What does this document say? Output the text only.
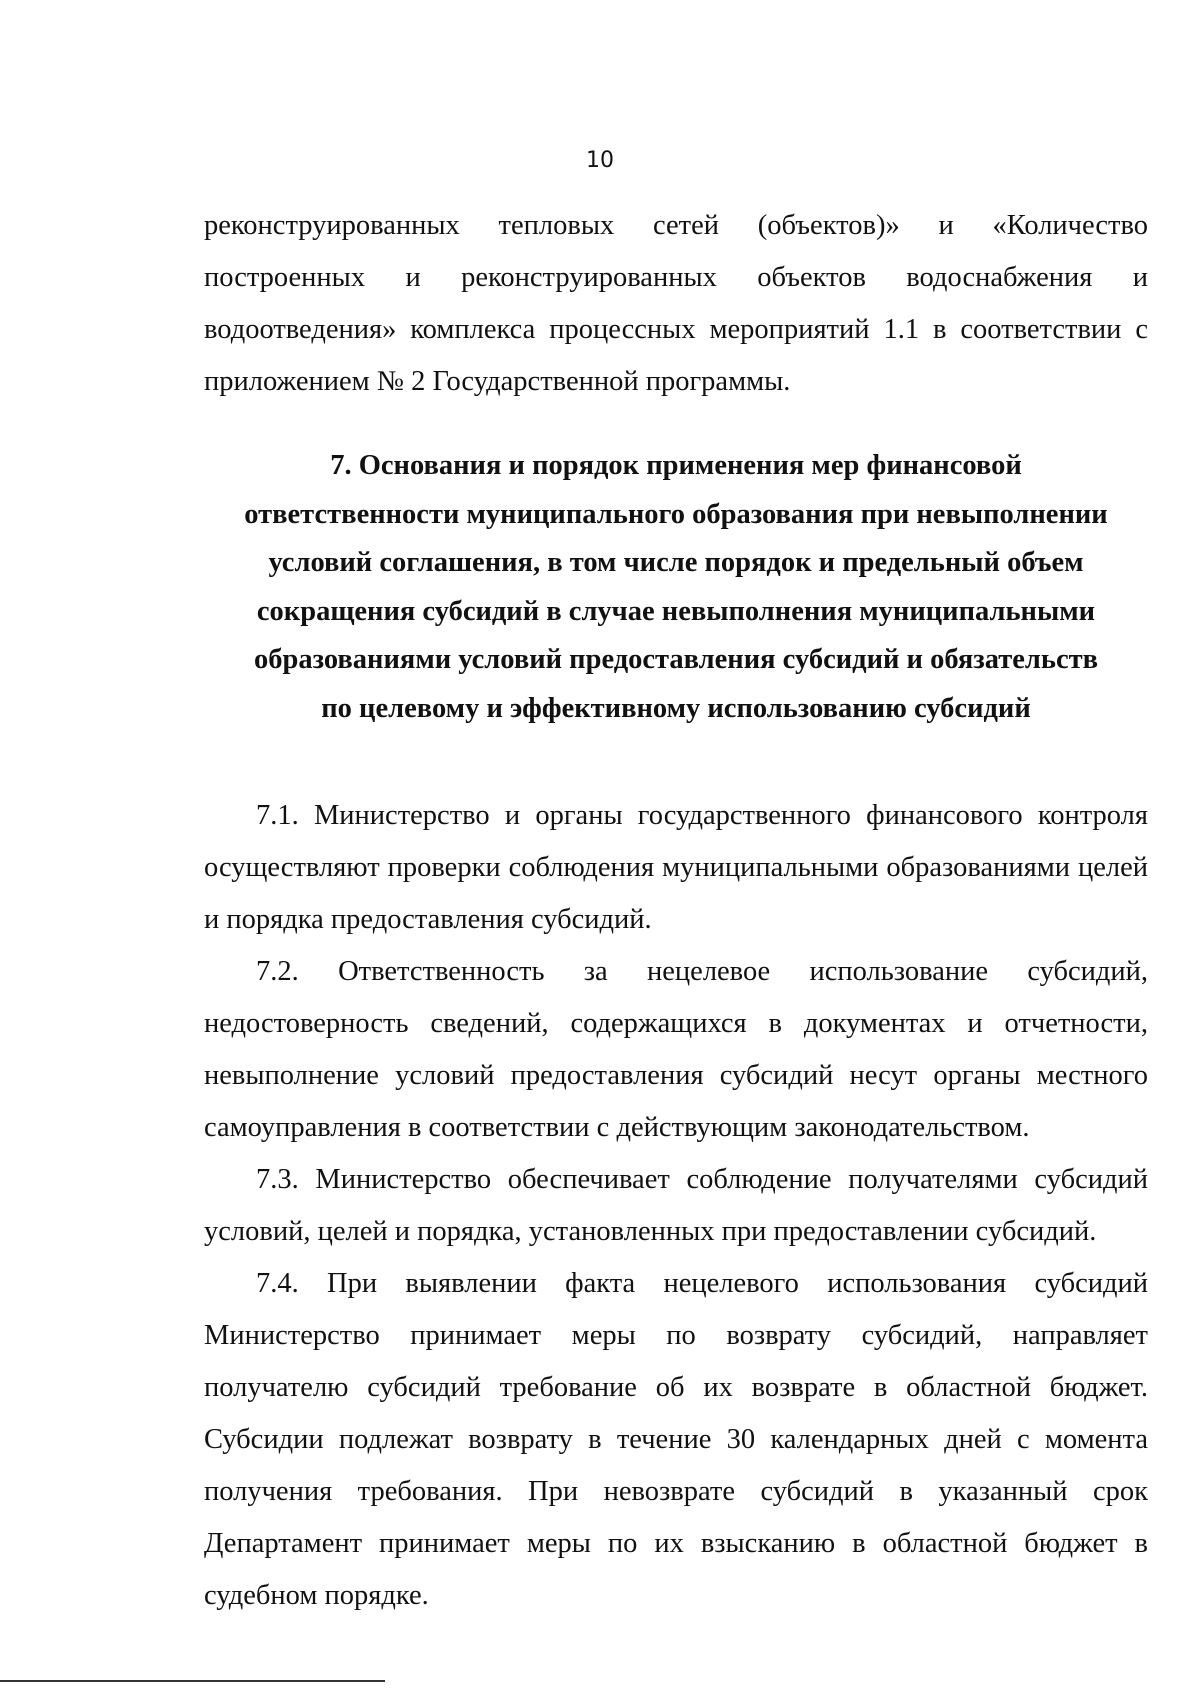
10

реконструированных тепловых сетей (объектов)» и «Количество построенных и реконструированных объектов водоснабжения и водоотведения» комплекса процессных мероприятий 1.1 в соответствии с приложением № 2 Государственной программы.

7. Основания и порядок применения мер финансовой
ответственности муниципального образования при невыполнении
условий соглашения, в том числе порядок и предельный объем
сокращения субсидий в случае невыполнения муниципальными
образованиями условий предоставления субсидий и обязательств
по целевому и эффективному использованию субсидий

7.1. Министерство и органы государственного финансового контроля осуществляют проверки соблюдения муниципальными образованиями целей и порядка предоставления субсидий.

7.2. Ответственность за нецелевое использование субсидий, недостоверность сведений, содержащихся в документах и отчетности, невыполнение условий предоставления субсидий несут органы местного самоуправления в соответствии с действующим законодательством.

7.3. Министерство обеспечивает соблюдение получателями субсидий условий, целей и порядка, установленных при предоставлении субсидий.

7.4. При выявлении факта нецелевого использования субсидий Министерство принимает меры по возврату субсидий, направляет получателю субсидий требование об их возврате в областной бюджет. Субсидии подлежат возврату в течение 30 календарных дней с момента получения требования. При невозврате субсидий в указанный срок Департамент принимает меры по их взысканию в областной бюджет в судебном порядке.
